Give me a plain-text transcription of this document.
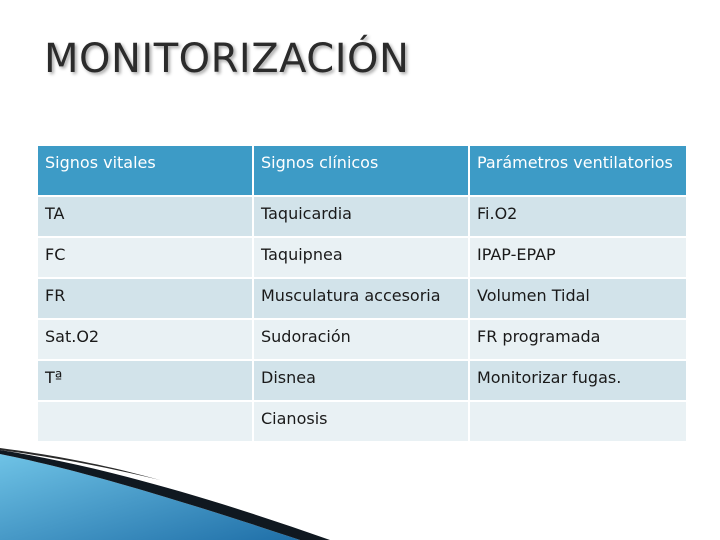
MONITORIZACIÓN
Signos vitales	Signos clínicos	Parámetros ventilatorios
TA	Taquicardia	Fi.O2
FC	Taquipnea	IPAP-EPAP
FR	Musculatura accesoria	Volumen Tidal
Sat.O2	Sudoración	FR programada
Tª	Disnea	Monitorizar fugas.
	Cianosis	
